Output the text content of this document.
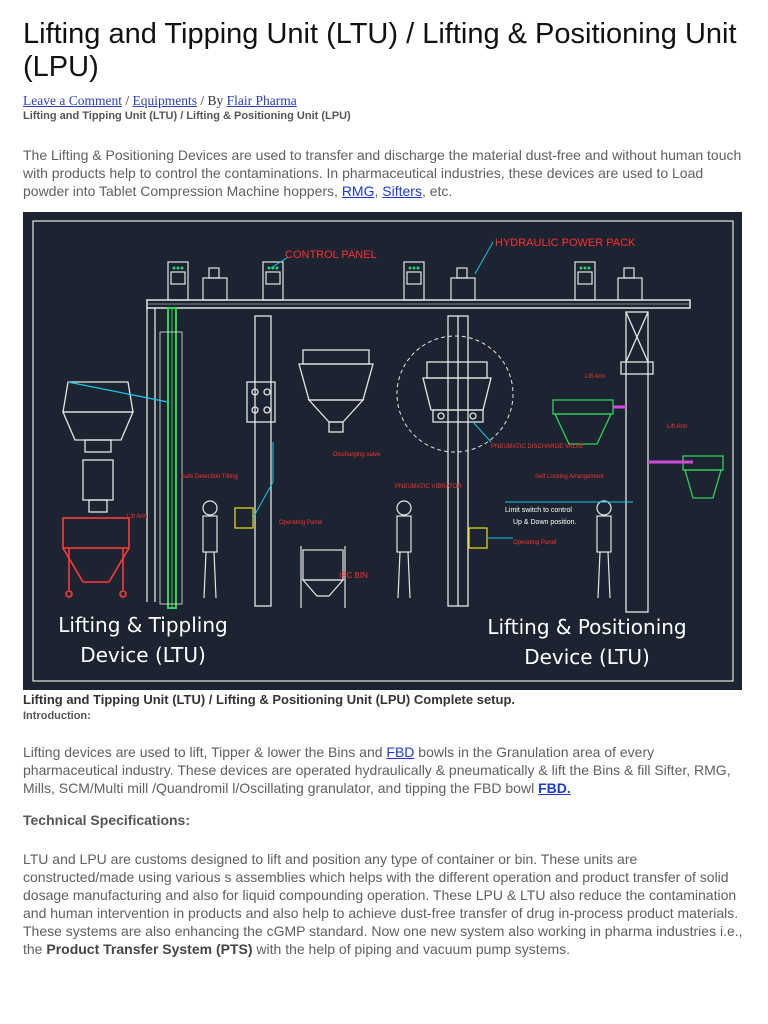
Lifting and Tipping Unit (LTU) / Lifting & Positioning Unit (LPU)
Leave a Comment / Equipments / By Flair Pharma
Lifting and Tipping Unit (LTU) / Lifting & Positioning Unit (LPU)

The Lifting & Positioning Devices are used to transfer and discharge the material dust-free and without human touch with products help to control the contaminations. In pharmaceutical industries, these devices are used to Load powder into Tablet Compression Machine hoppers, RMG, Sifters, etc.

CONTROL PANEL
HYDRAULIC POWER PACK
Discharging valve
PNEUMATIC DISCHARGE VALVE
PNEUMATIC VIBRATOR
Operating Panel
Operating Panel
IPC BIN
Lift Arm
Lift Arm
Lift Arm
Self Locking Arrangement
Safe Detection Tilting
Limit switch to control
Up & Down position.
Lifting & Tippling
Device (LTU)
Lifting & Positioning
Device (LTU)
Lifting and Tipping Unit (LTU) / Lifting & Positioning Unit (LPU) Complete setup.
Introduction:

Lifting devices are used to lift, Tipper & lower the Bins and FBD bowls in the Granulation area of every pharmaceutical industry. These devices are operated hydraulically & pneumatically & lift the Bins & fill Sifter, RMG, Mills, SCM/Multi mill /Quandromil l/Oscillating granulator, and tipping the FBD bowl FBD.

Technical Specifications:

LTU and LPU are customs designed to lift and position any type of container or bin. These units are constructed/made using various s assemblies which helps with the different operation and product transfer of solid dosage manufacturing and also for liquid compounding operation. These LPU & LTU also reduce the contamination and human intervention in products and also help to achieve dust-free transfer of drug in-process product materials. These systems are also enhancing the cGMP standard. Now one new system also working in pharma industries i.e., the Product Transfer System (PTS) with the help of piping and vacuum pump systems.
